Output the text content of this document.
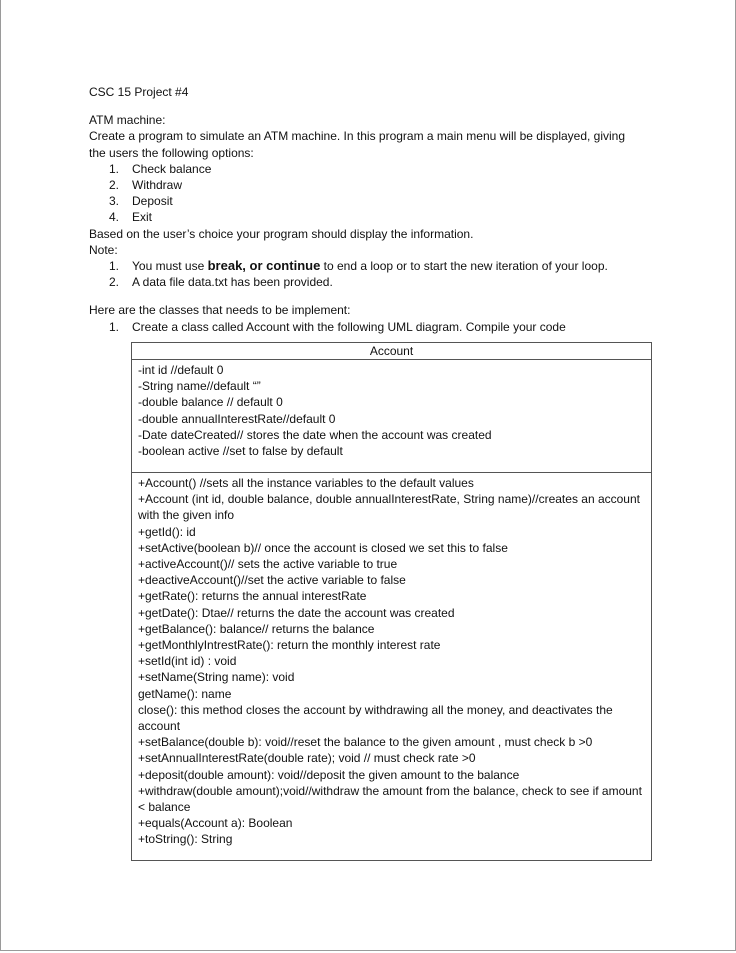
CSC 15 Project #4

ATM machine:

Create a program to simulate an ATM machine. In this program a main menu will be displayed, giving

the users the following options:

1. Check balance
2. Withdraw
3. Deposit
4. Exit

Based on the user’s choice your program should display the information.

Note:

1. You must use break, or continue to end a loop or to start the new iteration of your loop.
2. A data file data.txt has been provided.

Here are the classes that needs to be implement:

1. Create a class called Account with the following UML diagram. Compile your code
Account

-int id //default 0

-String name//default “”

-double balance // default 0

-double annualInterestRate//default 0

-Date dateCreated// stores the date when the account was created

-boolean active //set to false by default

+Account() //sets all the instance variables to the default values

+Account (int id, double balance, double annualInterestRate, String name)//creates an account with the given info

+getId(): id

+setActive(boolean b)// once the account is closed we set this to false

+activeAccount()// sets the active variable to true

+deactiveAccount()//set the active variable to false

+getRate(): returns the annual interestRate

+getDate(): Dtae// returns the date the account was created

+getBalance(): balance// returns the balance

+getMonthlyIntrestRate(): return the monthly interest rate

+setId(int id) : void

+setName(String name): void

getName(): name

close(): this method closes the account by withdrawing all the money, and deactivates the account

+setBalance(double b): void//reset the balance to the given amount , must check b >0

+setAnnualInterestRate(double rate); void // must check rate >0

+deposit(double amount): void//deposit the given amount to the balance

+withdraw(double amount);void//withdraw the amount from the balance, check to see if amount < balance

+equals(Account a): Boolean

+toString(): String
